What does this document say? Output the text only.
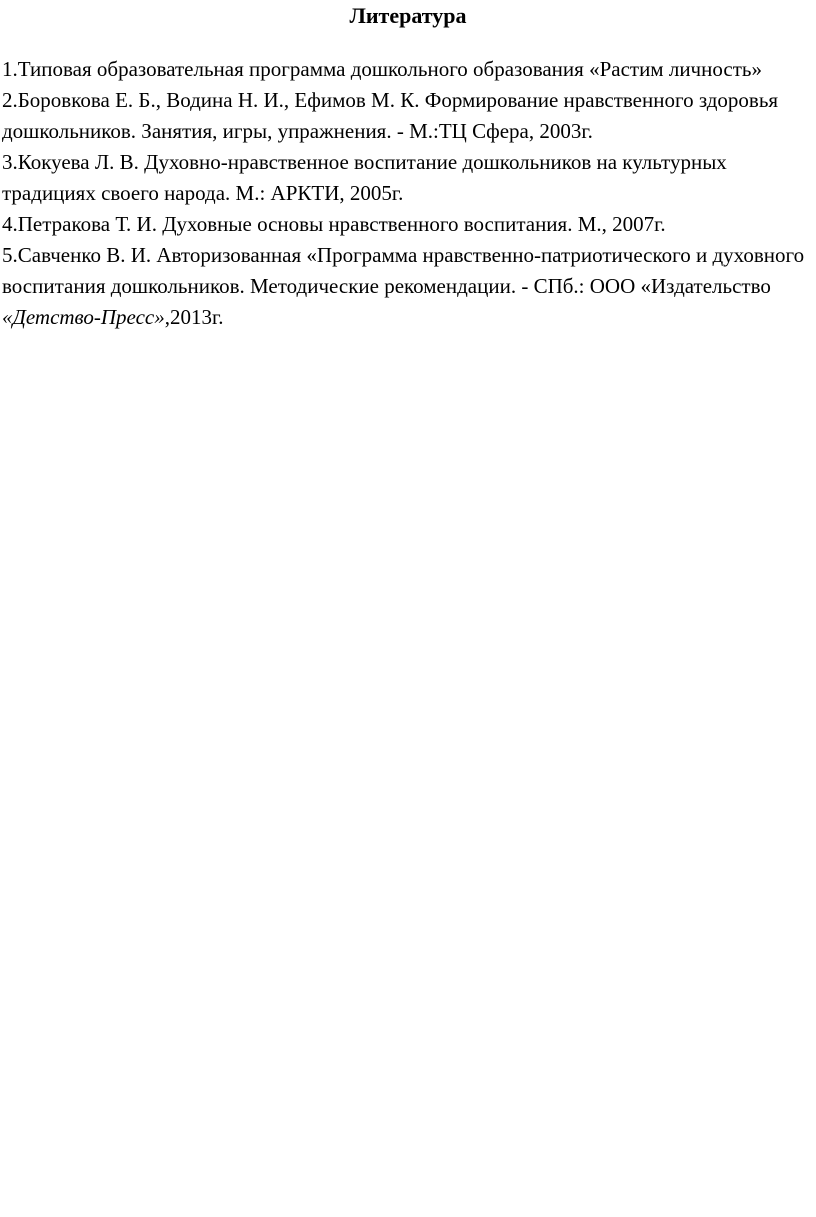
Литература

1.Типовая образовательная программа дошкольного образования «Растим личность»

2.Боровкова Е. Б., Водина Н. И., Ефимов М. К. Формирование нравственного здоровья дошкольников. Занятия, игры, упражнения. - М.:ТЦ Сфера, 2003г.

3.Кокуева Л. В. Духовно-нравственное воспитание дошкольников на культурных традициях своего народа. М.: АРКТИ, 2005г.

4.Петракова Т. И. Духовные основы нравственного воспитания. М., 2007г.

5.Савченко В. И. Авторизованная «Программа нравственно-патриотического и духовного воспитания дошкольников. Методические рекомендации. - СПб.: ООО «Издательство «Детство-Пресс»,2013г.
